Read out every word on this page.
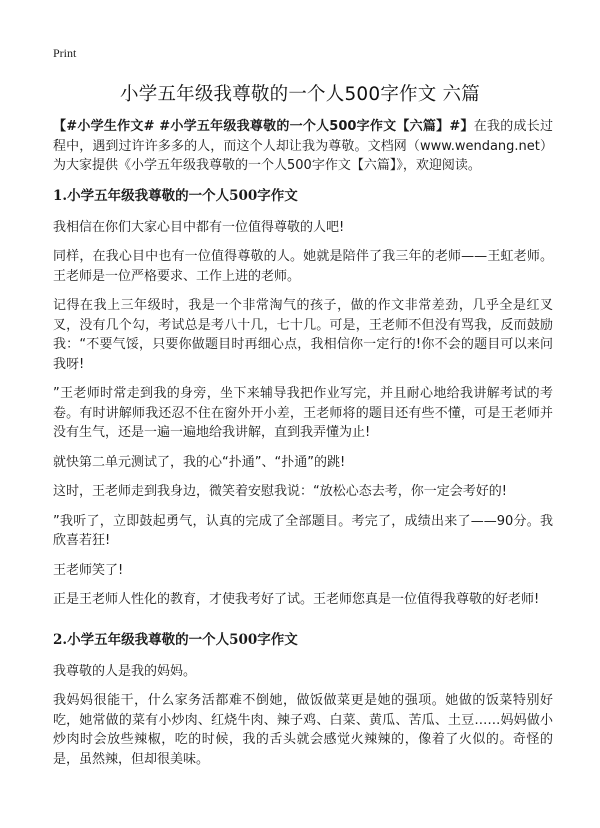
Print
小学五年级我尊敬的一个人500字作文 六篇

【#小学生作文# #小学五年级我尊敬的一个人500字作文【六篇】#】在我的成长过程中，遇到过许许多多的人，而这个人却让我为尊敬。文档网（www.wendang.net）为大家提供《小学五年级我尊敬的一个人500字作文【六篇】》，欢迎阅读。

1.小学五年级我尊敬的一个人500字作文

我相信在你们大家心目中都有一位值得尊敬的人吧!

同样，在我心目中也有一位值得尊敬的人。她就是陪伴了我三年的老师——王虹老师。王老师是一位严格要求、工作上进的老师。

记得在我上三年级时，我是一个非常淘气的孩子，做的作文非常差劲，几乎全是红叉叉，没有几个勾，考试总是考八十几，七十几。可是，王老师不但没有骂我，反而鼓励我：“不要气馁，只要你做题目时再细心点，我相信你一定行的!你不会的题目可以来问我呀!

”王老师时常走到我的身旁，坐下来辅导我把作业写完，并且耐心地给我讲解考试的考卷。有时讲解师我还忍不住在窗外开小差，王老师将的题目还有些不懂，可是王老师并没有生气，还是一遍一遍地给我讲解，直到我弄懂为止!

就快第二单元测试了，我的心“扑通”、“扑通”的跳!

这时，王老师走到我身边，微笑着安慰我说：“放松心态去考，你一定会考好的!

”我听了，立即鼓起勇气，认真的完成了全部题目。考完了，成绩出来了——90分。我欣喜若狂!

王老师笑了!

正是王老师人性化的教育，才使我考好了试。王老师您真是一位值得我尊敬的好老师!

2.小学五年级我尊敬的一个人500字作文

我尊敬的人是我的妈妈。

我妈妈很能干，什么家务活都难不倒她，做饭做菜更是她的强项。她做的饭菜特别好吃，她常做的菜有小炒肉、红烧牛肉、辣子鸡、白菜、黄瓜、苦瓜、土豆……妈妈做小炒肉时会放些辣椒，吃的时候，我的舌头就会感觉火辣辣的，像着了火似的。奇怪的是，虽然辣，但却很美味。
